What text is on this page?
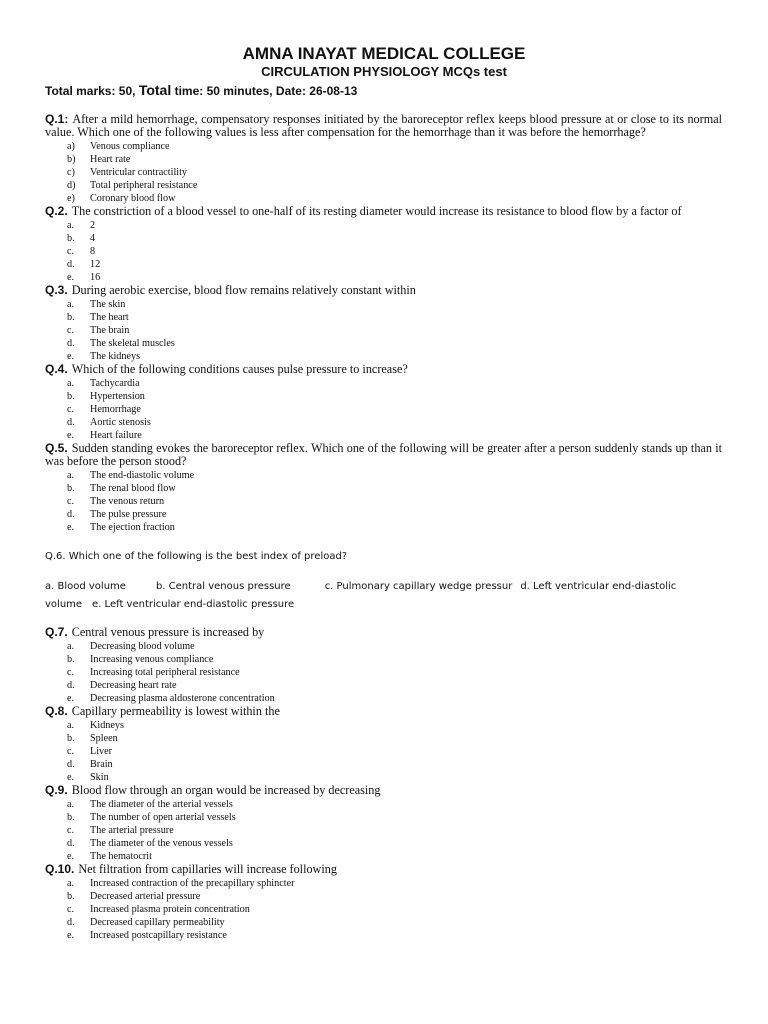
AMNA INAYAT MEDICAL COLLEGE
CIRCULATION PHYSIOLOGY MCQs test
Total marks: 50, Total time: 50 minutes, Date: 26-08-13
Q.1: After a mild hemorrhage, compensatory responses initiated by the baroreceptor reflex keeps blood pressure at or close to its normal value. Which one of the following values is less after compensation for the hemorrhage than it was before the hemorrhage?
a)	Venous compliance
b)	Heart rate
c)	Ventricular contractility
d)	Total peripheral resistance
e)	Coronary blood flow
Q.2. The constriction of a blood vessel to one-half of its resting diameter would increase its resistance to blood flow by a factor of
a.	2
b.	4
c.	8
d.	12
e.	16
Q.3. During aerobic exercise, blood flow remains relatively constant within
a.	The skin
b.	The heart
c.	The brain
d.	The skeletal muscles
e.	The kidneys
Q.4. Which of the following conditions causes pulse pressure to increase?
a.	Tachycardia
b.	Hypertension
c.	Hemorrhage
d.	Aortic stenosis
e.	Heart failure
Q.5. Sudden standing evokes the baroreceptor reflex. Which one of the following will be greater after a person suddenly stands up than it was before the person stood?
a.	The end-diastolic volume
b.	The renal blood flow
c.	The venous return
d.	The pulse pressure
e.	The ejection fraction
Q.6. Which one of the following is the best index of preload?
a. Blood volume	b. Central venous pressure	c. Pulmonary capillary wedge pressur d. Left ventricular end-diastolic
volume e. Left ventricular end-diastolic pressure
Q.7. Central venous pressure is increased by
a.	Decreasing blood volume
b.	Increasing venous compliance
c.	Increasing total peripheral resistance
d.	Decreasing heart rate
e.	Decreasing plasma aldosterone concentration
Q.8. Capillary permeability is lowest within the
a.	Kidneys
b.	Spleen
c.	Liver
d.	Brain
e.	Skin
Q.9. Blood flow through an organ would be increased by decreasing
a.	The diameter of the arterial vessels
b.	The number of open arterial vessels
c.	The arterial pressure
d.	The diameter of the venous vessels
e.	The hematocrit
Q.10. Net filtration from capillaries will increase following
a.	Increased contraction of the precapillary sphincter
b.	Decreased arterial pressure
c.	Increased plasma protein concentration
d.	Decreased capillary permeability
e.	Increased postcapillary resistance
